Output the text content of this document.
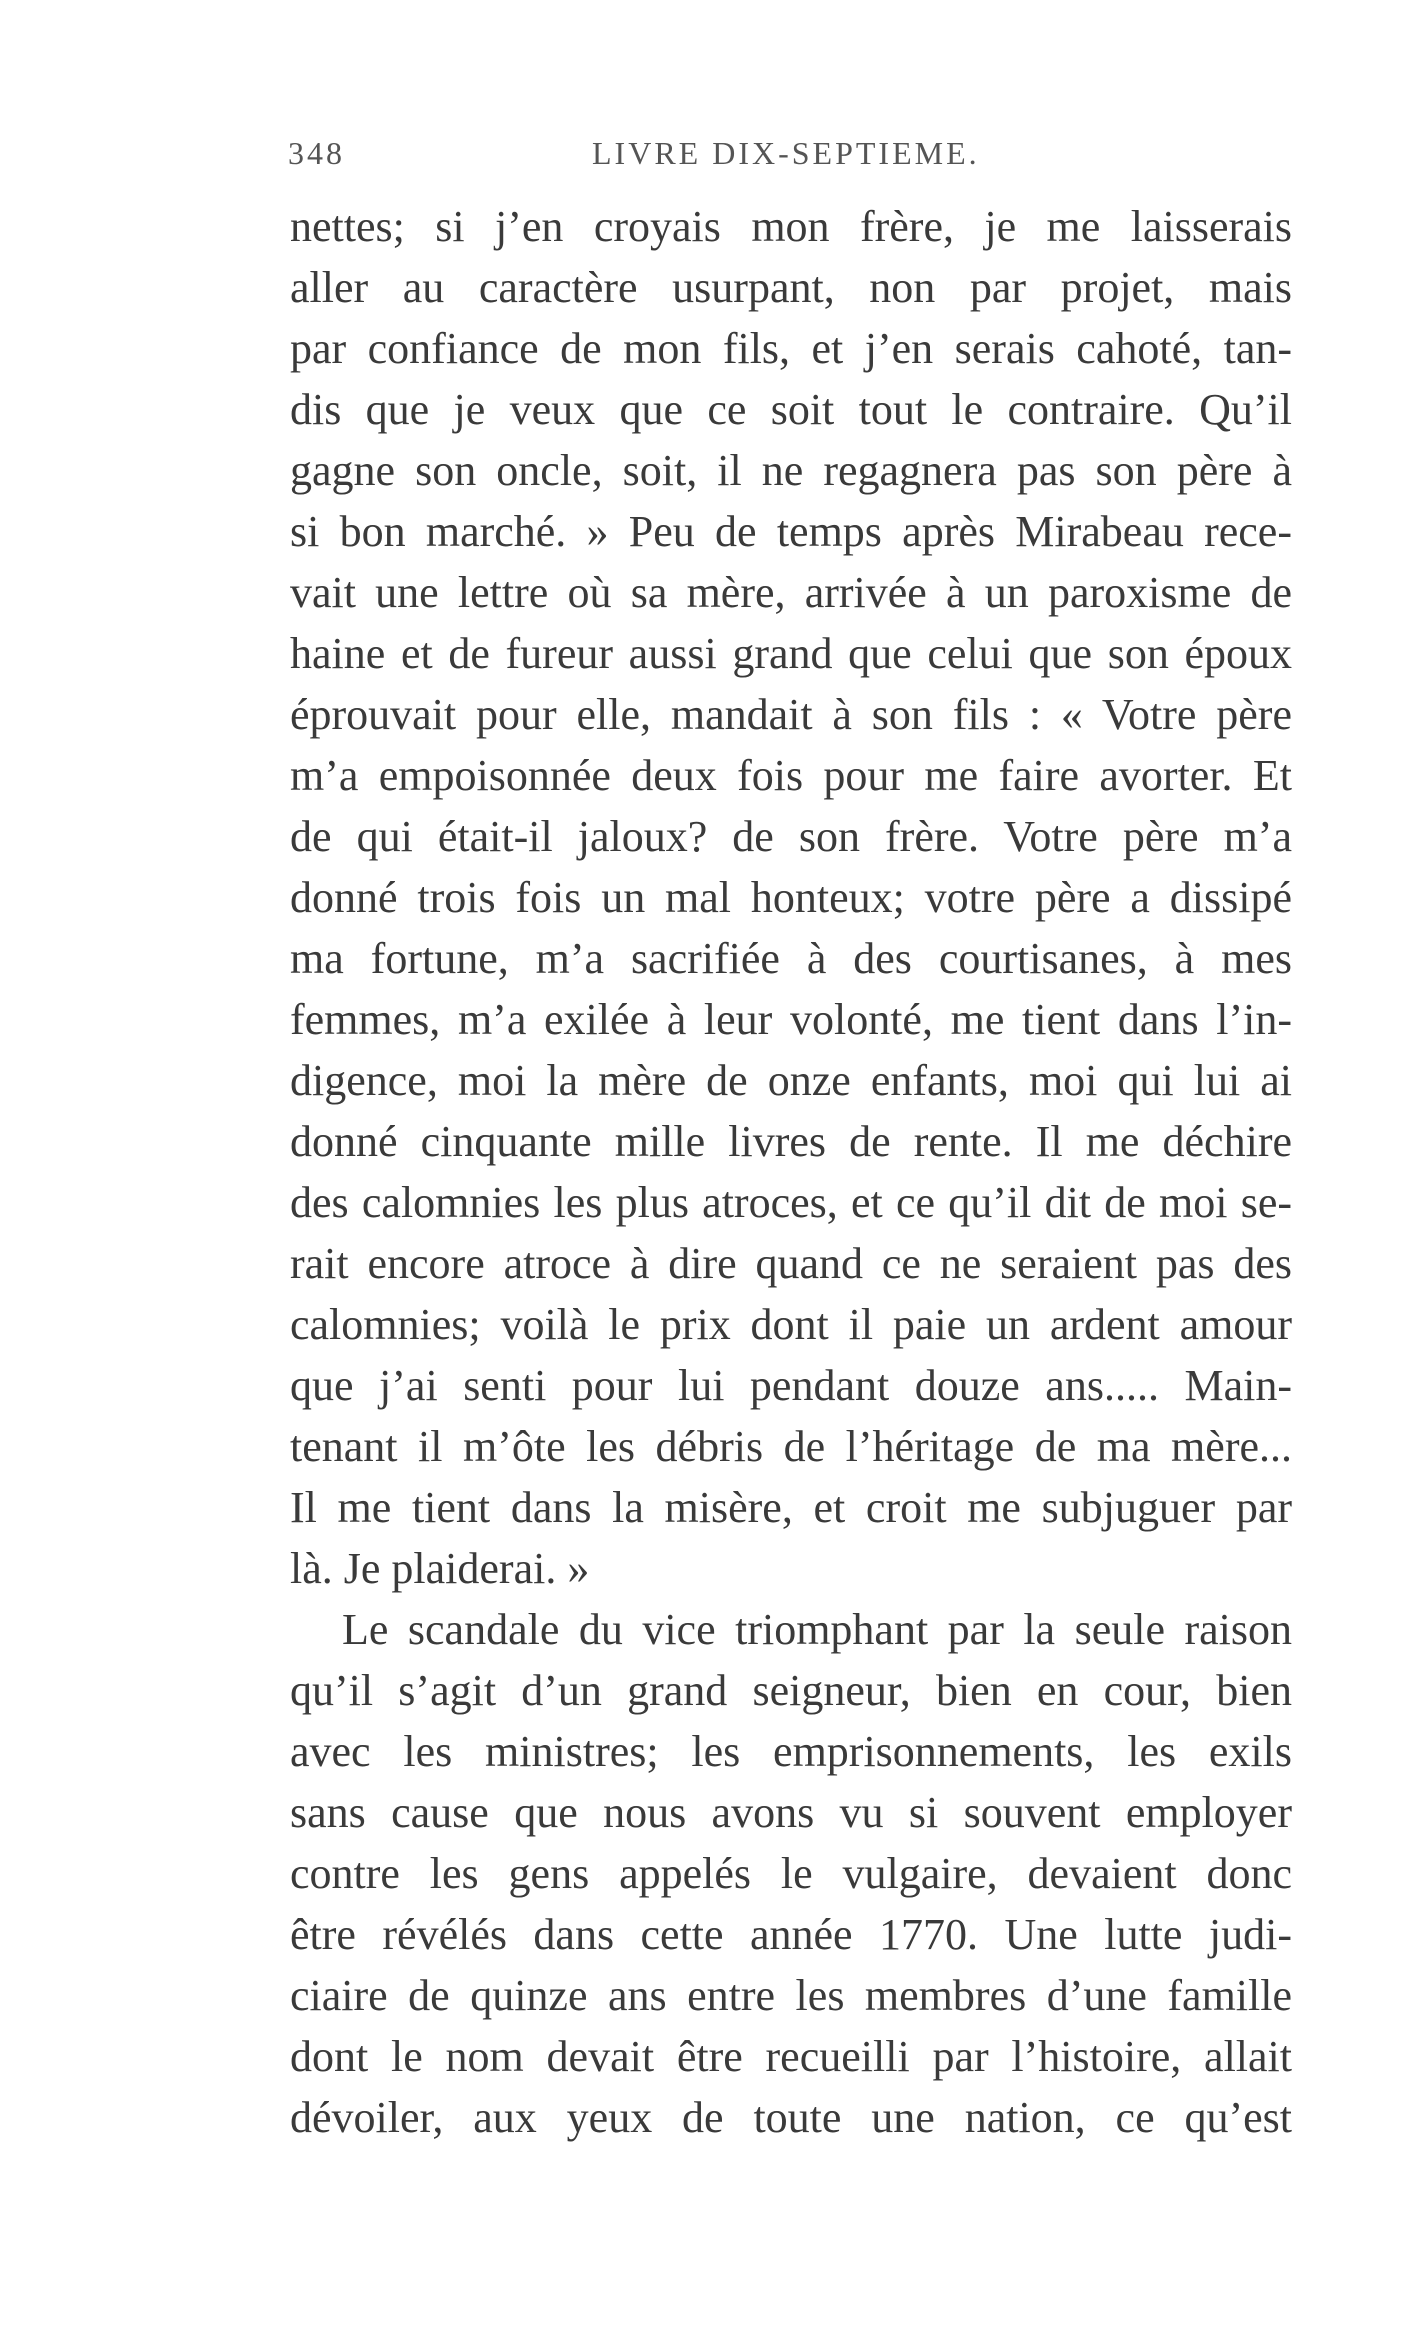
348	LIVRE DIX-SEPTIEME.
nettes; si j’en croyais mon frère, je me laisserais
aller au caractère usurpant, non par projet, mais
par confiance de mon fils, et j’en serais cahoté, tan-
dis que je veux que ce soit tout le contraire. Qu’il
gagne son oncle, soit, il ne regagnera pas son père à
si bon marché. » Peu de temps après Mirabeau rece-
vait une lettre où sa mère, arrivée à un paroxisme de
haine et de fureur aussi grand que celui que son époux
éprouvait pour elle, mandait à son fils : « Votre père
m’a empoisonnée deux fois pour me faire avorter. Et
de qui était-il jaloux? de son frère. Votre père m’a
donné trois fois un mal honteux; votre père a dissipé
ma fortune, m’a sacrifiée à des courtisanes, à mes
femmes, m’a exilée à leur volonté, me tient dans l’in-
digence, moi la mère de onze enfants, moi qui lui ai
donné cinquante mille livres de rente. Il me déchire
des calomnies les plus atroces, et ce qu’il dit de moi se-
rait encore atroce à dire quand ce ne seraient pas des
calomnies; voilà le prix dont il paie un ardent amour
que j’ai senti pour lui pendant douze ans..... Main-
tenant il m’ôte les débris de l’héritage de ma mère...
Il me tient dans la misère, et croit me subjuguer par
là. Je plaiderai. »
Le scandale du vice triomphant par la seule raison
qu’il s’agit d’un grand seigneur, bien en cour, bien
avec les ministres; les emprisonnements, les exils
sans cause que nous avons vu si souvent employer
contre les gens appelés le vulgaire, devaient donc
être révélés dans cette année 1770. Une lutte judi-
ciaire de quinze ans entre les membres d’une famille
dont le nom devait être recueilli par l’histoire, allait
dévoiler, aux yeux de toute une nation, ce qu’est
